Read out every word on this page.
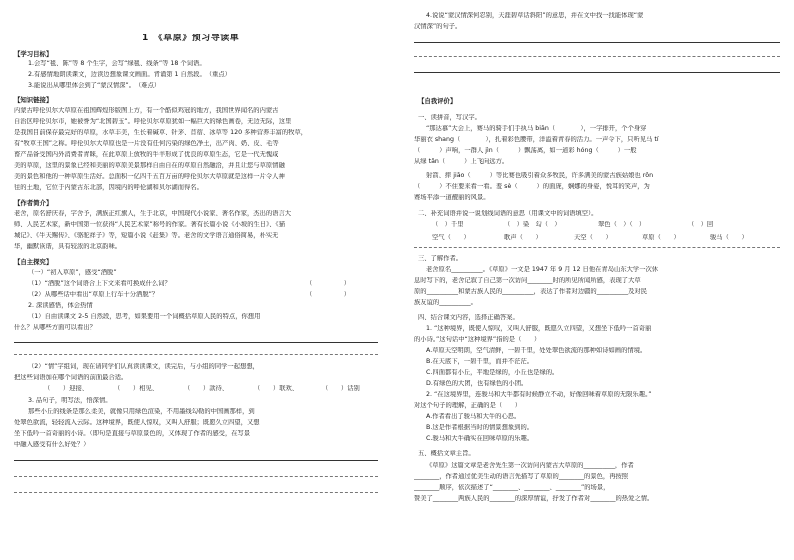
1　《草原》预习导读单
【学习目标】
1.会写“毯、陈”等 8 个生字，会写“绿毯、线条”等 18 个词语。
2.有感情地朗读课文，边读边想象课文画面。背诵第 1 自然段。　（重点）
3.能说出从哪里体会到了“蒙汉情深”。　（难点）
【知识链接】
内蒙古呼伦贝尔大草原在祖国辉煌形版图上方，有一个酷似鸡冠的地方，我国世界闻名的内蒙古
自治区呼伦贝尔市，她被誉为“北国碧玉”。呼伦贝尔草原犹如一幅巨大的绿色画卷，无边无际，这里
是我国目前保存最完好的草原，水草丰美，生长着碱草、针茅、苜蓿、冰草等 120 多种营养丰富的牧草，
有“牧草王国”之称。呼伦贝尔大草原也是一片没有任何污染的绿色净土，出产肉、奶、皮、毛等
畜产品备受国内外消费者青睐，在此草原上放牧的牛羊形成了优良的草原生态，它是一代无愧咸
美的草原，这里的景象已经和美丽的草原美景那样自由自在的草原自然融洽，并且让您与草原情融
美的景色和他的一种草原生活好。总面积一亿四千五百万亩的呼伦贝尔大草原就是这样一片令人神
往的土地，它位于内蒙古东北部，因境内的呼伦湖和贝尔湖而得名。
【作者简介】
老舍，原名舒庆春，字舍予，满族正红旗人，生于北京，中国现代小说家、著名作家，杰出的语言大
师、人民艺术家，新中国第一位获得“人民艺术家”称号的作家。著有长篇小说《小坡的生日》、《猫
城记》、《牛天赐传》、《骆驼祥子》等，短篇小说《赶集》等。老舍的文学语言通俗简易，朴实无
华，幽默诙谐，具有较浓的北京韵味。
【自主探究】
（一）“初入草原”，感受“酒脱”
（1）“酒脱”这个词语合上下文来看可换成什么词？	（　　　　　）
（2）从哪些话中看出“草原上行车十分洒脱”？	（　　　　　）
2. 深读感悟，体会热情
（1）自由读课文 2-5 自然段，思考，如果要用一个词概括草原人民的特点，你想用
什么？从哪些方面可以看出？
（2）“情”字组词，现在请同学们认真读读课文，读完后，与小组的同学一起想想，
把这些词语加在哪个词语的前面最合适。
（　　）迎接、	（　　）相见、	（　　）款待、	（　　）联欢、	（　　）话别
3. 品句子，明写法，悟深情。
那些小丘的线条是那么柔美，就像只用绿色渲染，不用墨线勾勒的中国画那样，到
处翠色欲流，轻轻流入云际。这种境界，既使人惊叹，又叫人舒服；既愿久立四望，又想
坐下低吟一首奇丽的小诗。（即句是直接与草原景色的，又体现了作者的感受，在写景
中融入感受有什么好处？）
4.说说“蒙汉情深何忍别，天涯碧草话斜阳”的意思，并在文中找一找能体现“蒙
汉情深”的句子。
【自我评价】
一、读拼音，写汉字。
“那达慕”大会上，赛马的骑手们手执马 biān（　　　　），一字排开，个个身穿
华丽衣 shang（　　　　），扎着彩色腰带，洋溢着青春的活力。一声令下，只听见马 tí
（　　　）声响，一群人 jìn（　　　）飘荡离，如一道彩 hóng（　　　）一般
从绿 tǎn（　　　）上飞向远方。
射箭、摔 jiāo（　　　）等比赛也吸引着众多牧民，许多满美的蒙古族姑娘也 rǒn
（　　　）不住要来看一看。羞 sè（　　　）的面庞，娴娜的身姿，悦耳的笑声，为
赛场平添一道靓丽的风景。
二、补充词语并说一说划线词语的意思（用课文中的词语填空）。
（　）千里	（　）染　勾（　）	翠色（　）（　）	（　）回
空气（　　）	歌声（　　）	天空（　　）	草原（　　）	骏马（　　）
三、了解作者。
老舍原名__________。《草原》一文是 1947 年 9 月 12 日他在青岛山东大学一次休
息时写下的，老舍记叙了自己第一次访问________时的所见所闻所感，表现了大草
原的__________和蒙古族人民的__________，表达了作者对边疆的__________及对民
族友谊的__________。
四、结合课文内容，选择正确答案。
1. “这种境界，既使人惊叹，又叫人舒服，既愿久立四望，又想坐下低吟一首奇丽
的小诗。”这句话中“这种境界”指的是（　　）
A.草原天空明朗，空气清鲜，一碧千里，处处翠色欲流的那种如诗如画的情境。
B.在天底下，一碧千里，而并不茫茫。
C.四面都有小丘，平地是绿的，小丘也是绿的。
D.有绿色的大团，也有绿色的小团。
2. “在这境界里，连骏马和大牛都有时候静立不动，好像回味着草原的无限乐趣。”
对这个句子的理解，正确的是（　　）
A.作者看出了骏马和大牛的心思。
B.这是作者根据当时的情景想象到的。
C.骏马和大牛确实在回味草原的乐趣。
五、概括文章主旨。
《草原》这篇文章是老舍先生第一次访问内蒙古大草原的__________，作者
________，作者通过优美生动的语言先描写了草原的________的景色，再按照
________顺序，依次描述了“________、________、________”的场景，
赞美了________两族人民的________的深厚情谊，抒发了作者对________的热爱之情。
